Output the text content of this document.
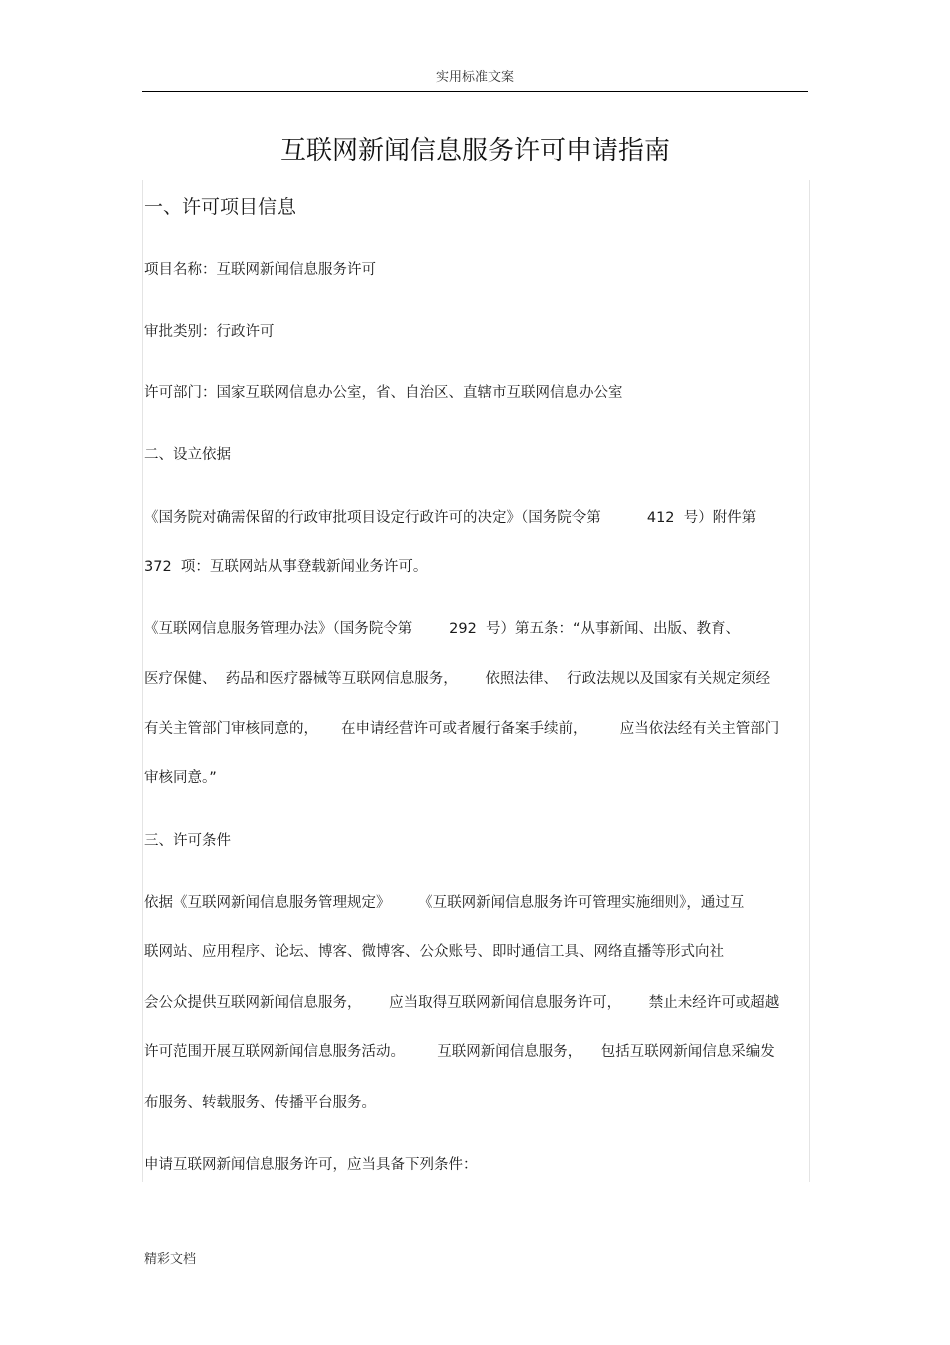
实用标准文案
互联网新闻信息服务许可申请指南
一、许可项目信息
项目名称：互联网新闻信息服务许可
审批类别：行政许可
许可部门：国家互联网信息办公室，省、自治区、直辖市互联网信息办公室
二、设立依据
《国务院对确需保留的行政审批项目设定行政许可的决定》（国务院令第          412  号）附件第
372  项：互联网站从事登载新闻业务许可。
《互联网信息服务管理办法》（国务院令第        292  号）第五条：“从事新闻、出版、教育、
医疗保健、  药品和医疗器械等互联网信息服务，      依照法律、  行政法规以及国家有关规定须经
有关主管部门审核同意的，     在申请经营许可或者履行备案手续前，       应当依法经有关主管部门
审核同意。”
三、许可条件
依据《互联网新闻信息服务管理规定》      《互联网新闻信息服务许可管理实施细则》，通过互
联网站、应用程序、论坛、博客、微博客、公众账号、即时通信工具、网络直播等形式向社
会公众提供互联网新闻信息服务，      应当取得互联网新闻信息服务许可，      禁止未经许可或超越
许可范围开展互联网新闻信息服务活动。       互联网新闻信息服务，    包括互联网新闻信息采编发
布服务、转载服务、传播平台服务。
申请互联网新闻信息服务许可，应当具备下列条件：
精彩文档
